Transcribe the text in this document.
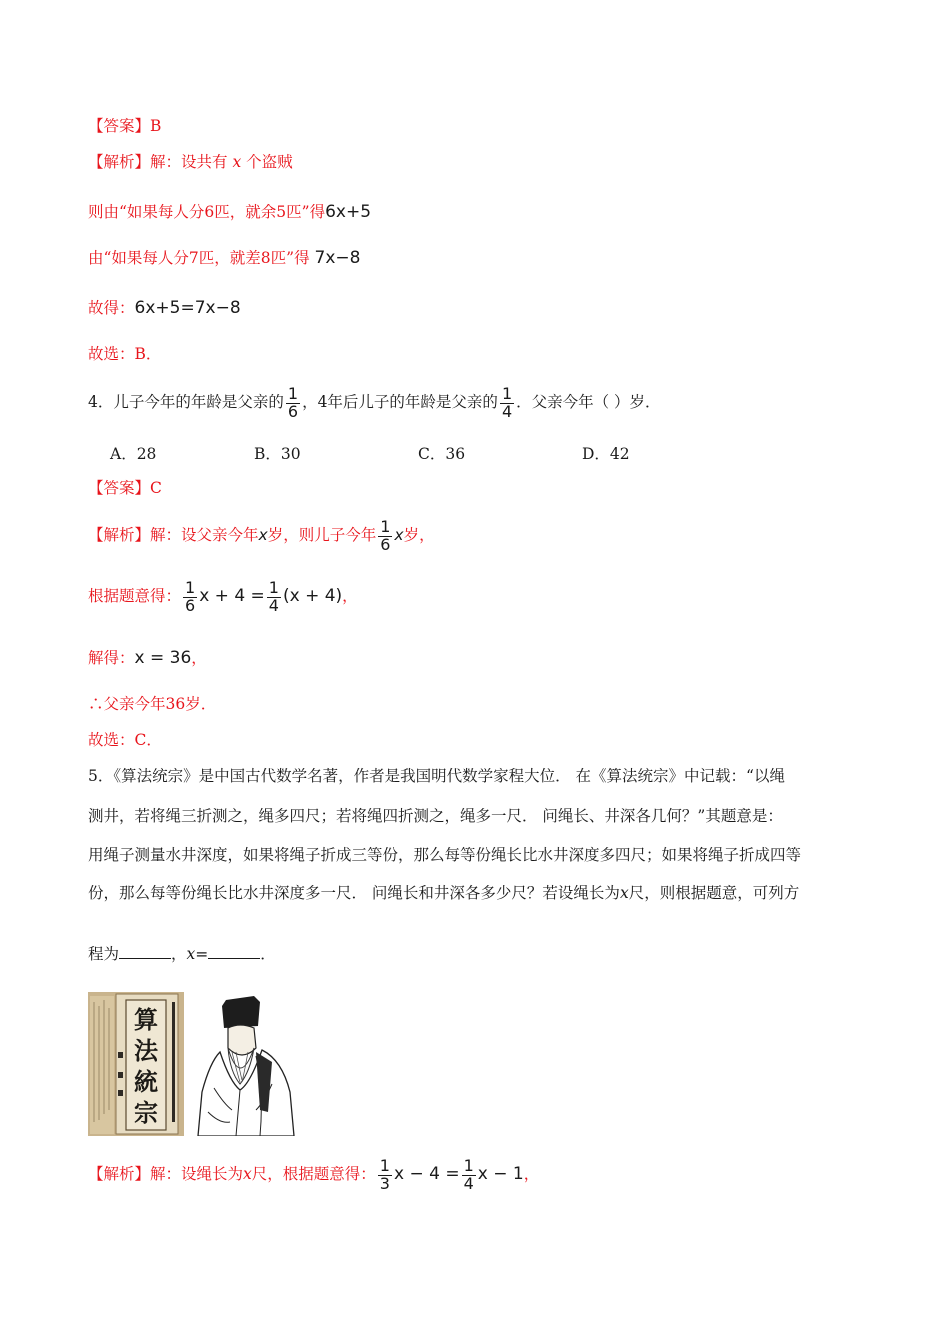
【答案】B
【解析】解：设共有 x 个盗贼
则由“如果每人分6匹，就余5匹”得6x+5
由“如果每人分7匹，就差8匹”得 7x−8
故得：6x+5=7x−8
故选：B．
4．儿子今年的年龄是父亲的 $\frac{1}{6}$ ，4年后儿子的年龄是父亲的 $\frac{1}{4}$ ．父亲今年（ ）岁．
A．28	B．30	C．36	D．42
【答案】C
【解析】解：设父亲今年x岁，则儿子今年 $\frac{1}{6}$ x岁，
根据题意得： $\frac{1}{6}$ $x + 4 = \frac{1}{4} (x + 4)$，
解得：x = 36，
∴父亲今年36岁．
故选：C．
5．《算法统宗》是中国古代数学名著，作者是我国明代数学家程大位． 在《算法统宗》中记载：“以绳
测井，若将绳三折测之，绳多四尺；若将绳四折测之，绳多一尺． 问绳长、井深各几何？”其题意是：
用绳子测量水井深度，如果将绳子折成三等份，那么每等份绳长比水井深度多四尺；如果将绳子折成四等
份，那么每等份绳长比水井深度多一尺． 问绳长和井深各多少尺？若设绳长为x尺，则根据题意，可列方
程为	，x=	．
算法統宗
【解析】解：设绳长为x尺，根据题意得： $\frac{1}{3}$ $x - 4 = \frac{1}{4}$ x − 1，
